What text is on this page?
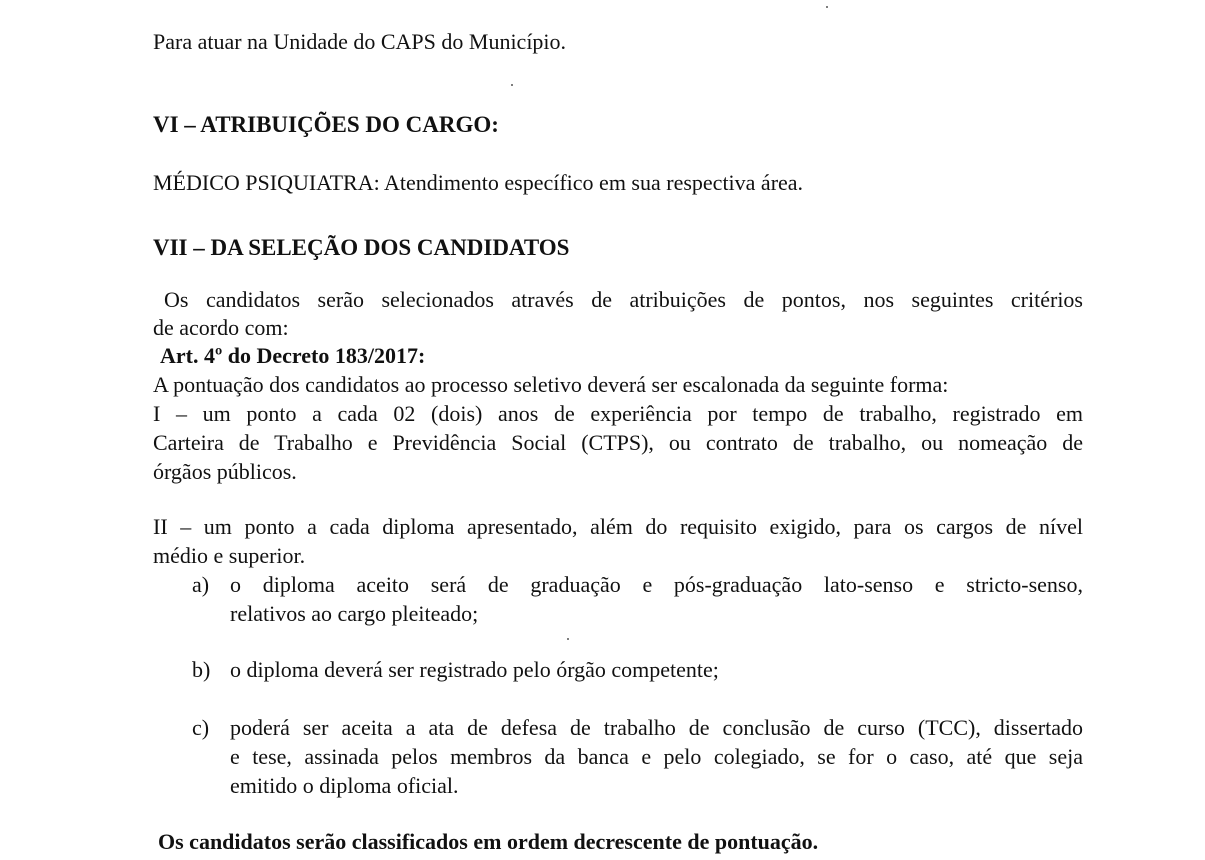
Para atuar na Unidade do CAPS do Município.
VI – ATRIBUIÇÕES DO CARGO:
MÉDICO PSIQUIATRA: Atendimento específico em sua respectiva área.
VII – DA SELEÇÃO DOS CANDIDATOS
Os candidatos serão selecionados através de atribuições de pontos, nos seguintes critérios
de acordo com:
Art. 4º do Decreto 183/2017:
A pontuação dos candidatos ao processo seletivo deverá ser escalonada da seguinte forma:
I – um ponto a cada 02 (dois) anos de experiência por tempo de trabalho, registrado em
Carteira de Trabalho e Previdência Social (CTPS), ou contrato de trabalho, ou nomeação de
órgãos públicos.
II – um ponto a cada diploma apresentado, além do requisito exigido, para os cargos de nível
médio e superior.
a) o diploma aceito será de graduação e pós-graduação lato-senso e stricto-senso,
relativos ao cargo pleiteado;
b) o diploma deverá ser registrado pelo órgão competente;
c) poderá ser aceita a ata de defesa de trabalho de conclusão de curso (TCC), dissertado
e tese, assinada pelos membros da banca e pelo colegiado, se for o caso, até que seja
emitido o diploma oficial.
Os candidatos serão classificados em ordem decrescente de pontuação.
